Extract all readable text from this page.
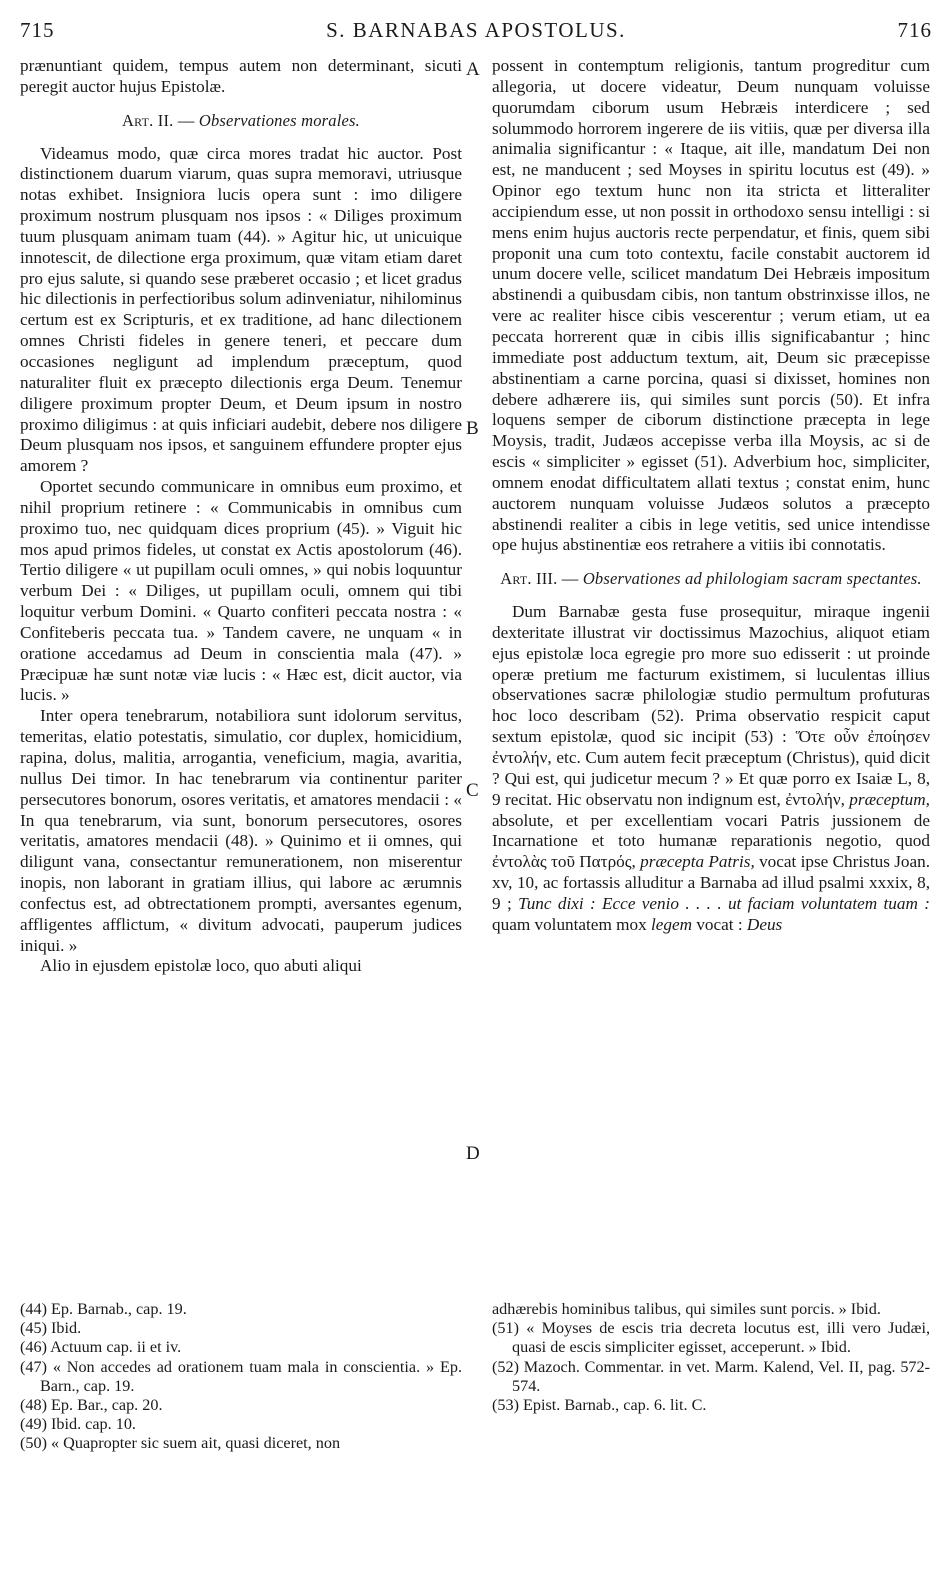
715	S. BARNABAS APOSTOLUS.	716
A
B
C
D

prænuntiant quidem, tempus autem non determinant, sicuti peregit auctor hujus Epistolæ.

Art. II. — Observationes morales.

Videamus modo, quæ circa mores tradat hic auctor. Post distinctionem duarum viarum, quas supra memoravi, utriusque notas exhibet. Insigniora lucis opera sunt : imo diligere proximum nostrum plusquam nos ipsos : « Diliges proximum tuum plusquam animam tuam (44). » Agitur hic, ut unicuique innotescit, de dilectione erga proximum, quæ vitam etiam daret pro ejus salute, si quando sese præberet occasio ; et licet gradus hic dilectionis in perfectioribus solum adinveniatur, nihilominus certum est ex Scripturis, et ex traditione, ad hanc dilectionem omnes Christi fideles in genere teneri, et peccare dum occasiones negligunt ad implendum præceptum, quod naturaliter fluit ex præcepto dilectionis erga Deum. Tenemur diligere proximum propter Deum, et Deum ipsum in nostro proximo diligimus : at quis inficiari audebit, debere nos diligere Deum plusquam nos ipsos, et sanguinem effundere propter ejus amorem ?

Oportet secundo communicare in omnibus eum proximo, et nihil proprium retinere : « Communicabis in omnibus cum proximo tuo, nec quidquam dices proprium (45). » Viguit hic mos apud primos fideles, ut constat ex Actis apostolorum (46). Tertio diligere « ut pupillam oculi omnes, » qui nobis loquuntur verbum Dei : « Diliges, ut pupillam oculi, omnem qui tibi loquitur verbum Domini. « Quarto confiteri peccata nostra : « Confiteberis peccata tua. » Tandem cavere, ne unquam « in oratione accedamus ad Deum in conscientia mala (47). » Præcipuæ hæ sunt notæ viæ lucis : « Hæc est, dicit auctor, via lucis. »

Inter opera tenebrarum, notabiliora sunt idolorum servitus, temeritas, elatio potestatis, simulatio, cor duplex, homicidium, rapina, dolus, malitia, arrogantia, veneficium, magia, avaritia, nullus Dei timor. In hac tenebrarum via continentur pariter persecutores bonorum, osores veritatis, et amatores mendacii : « In qua tenebrarum, via sunt, bonorum persecutores, osores veritatis, amatores mendacii (48). » Quinimo et ii omnes, qui diligunt vana, consectantur remunerationem, non miserentur inopis, non laborant in gratiam illius, qui labore ac ærumnis confectus est, ad obtrectationem prompti, aversantes egenum, affligentes afflictum, « divitum advocati, pauperum judices iniqui. »

Alio in ejusdem epistolæ loco, quo abuti aliqui

possent in contemptum religionis, tantum progreditur cum allegoria, ut docere videatur, Deum nunquam voluisse quorumdam ciborum usum Hebræis interdicere ; sed solummodo horrorem ingerere de iis vitiis, quæ per diversa illa animalia significantur : « Itaque, ait ille, mandatum Dei non est, ne manducent ; sed Moyses in spiritu locutus est (49). » Opinor ego textum hunc non ita stricta et litteraliter accipiendum esse, ut non possit in orthodoxo sensu intelligi : si mens enim hujus auctoris recte perpendatur, et finis, quem sibi proponit una cum toto contextu, facile constabit auctorem id unum docere velle, scilicet mandatum Dei Hebræis impositum abstinendi a quibusdam cibis, non tantum obstrinxisse illos, ne vere ac realiter hisce cibis vescerentur ; verum etiam, ut ea peccata horrerent quæ in cibis illis significabantur ; hinc immediate post adductum textum, ait, Deum sic præcepisse abstinentiam a carne porcina, quasi si dixisset, homines non debere adhærere iis, qui similes sunt porcis (50). Et infra loquens semper de ciborum distinctione præcepta in lege Moysis, tradit, Judæos accepisse verba illa Moysis, ac si de escis « simpliciter » egisset (51). Adverbium hoc, simpliciter, omnem enodat difficultatem allati textus ; constat enim, hunc auctorem nunquam voluisse Judæos solutos a præcepto abstinendi realiter a cibis in lege vetitis, sed unice intendisse ope hujus abstinentiæ eos retrahere a vitiis ibi connotatis.

Art. III. — Observationes ad philologiam sacram spectantes.

Dum Barnabæ gesta fuse prosequitur, miraque ingenii dexteritate illustrat vir doctissimus Mazochius, aliquot etiam ejus epistolæ loca egregie pro more suo edisserit : ut proinde operæ pretium me facturum existimem, si luculentas illius observationes sacræ philologiæ studio permultum profuturas hoc loco describam (52). Prima observatio respicit caput sextum epistolæ, quod sic incipit (53) : Ὅτε οὖν ἐποίησεν ἐντολήν, etc. Cum autem fecit præceptum (Christus), quid dicit ? Qui est, qui judicetur mecum ? » Et quæ porro ex Isaiæ L, 8, 9 recitat. Hic observatu non indignum est, ἐντολήν, præceptum, absolute, et per excellentiam vocari Patris jussionem de Incarnatione et toto humanæ reparationis negotio, quod ἐντολὰς τοῦ Πατρός, præcepta Patris, vocat ipse Christus Joan. xv, 10, ac fortassis alluditur a Barnaba ad illud psalmi xxxix, 8, 9 ; Tunc dixi : Ecce venio . . . . ut faciam voluntatem tuam : quam voluntatem mox legem vocat : Deus

(44) Ep. Barnab., cap. 19.

(45) Ibid.

(46) Actuum cap. ii et iv.

(47) « Non accedes ad orationem tuam mala in conscientia. » Ep. Barn., cap. 19.

(48) Ep. Bar., cap. 20.

(49) Ibid. cap. 10.

(50) « Quapropter sic suem ait, quasi diceret, non

adhærebis hominibus talibus, qui similes sunt porcis. » Ibid.

(51) « Moyses de escis tria decreta locutus est, illi vero Judæi, quasi de escis simpliciter egisset, acceperunt. » Ibid.

(52) Mazoch. Commentar. in vet. Marm. Kalend, Vel. II, pag. 572-574.

(53) Epist. Barnab., cap. 6. lit. C.
